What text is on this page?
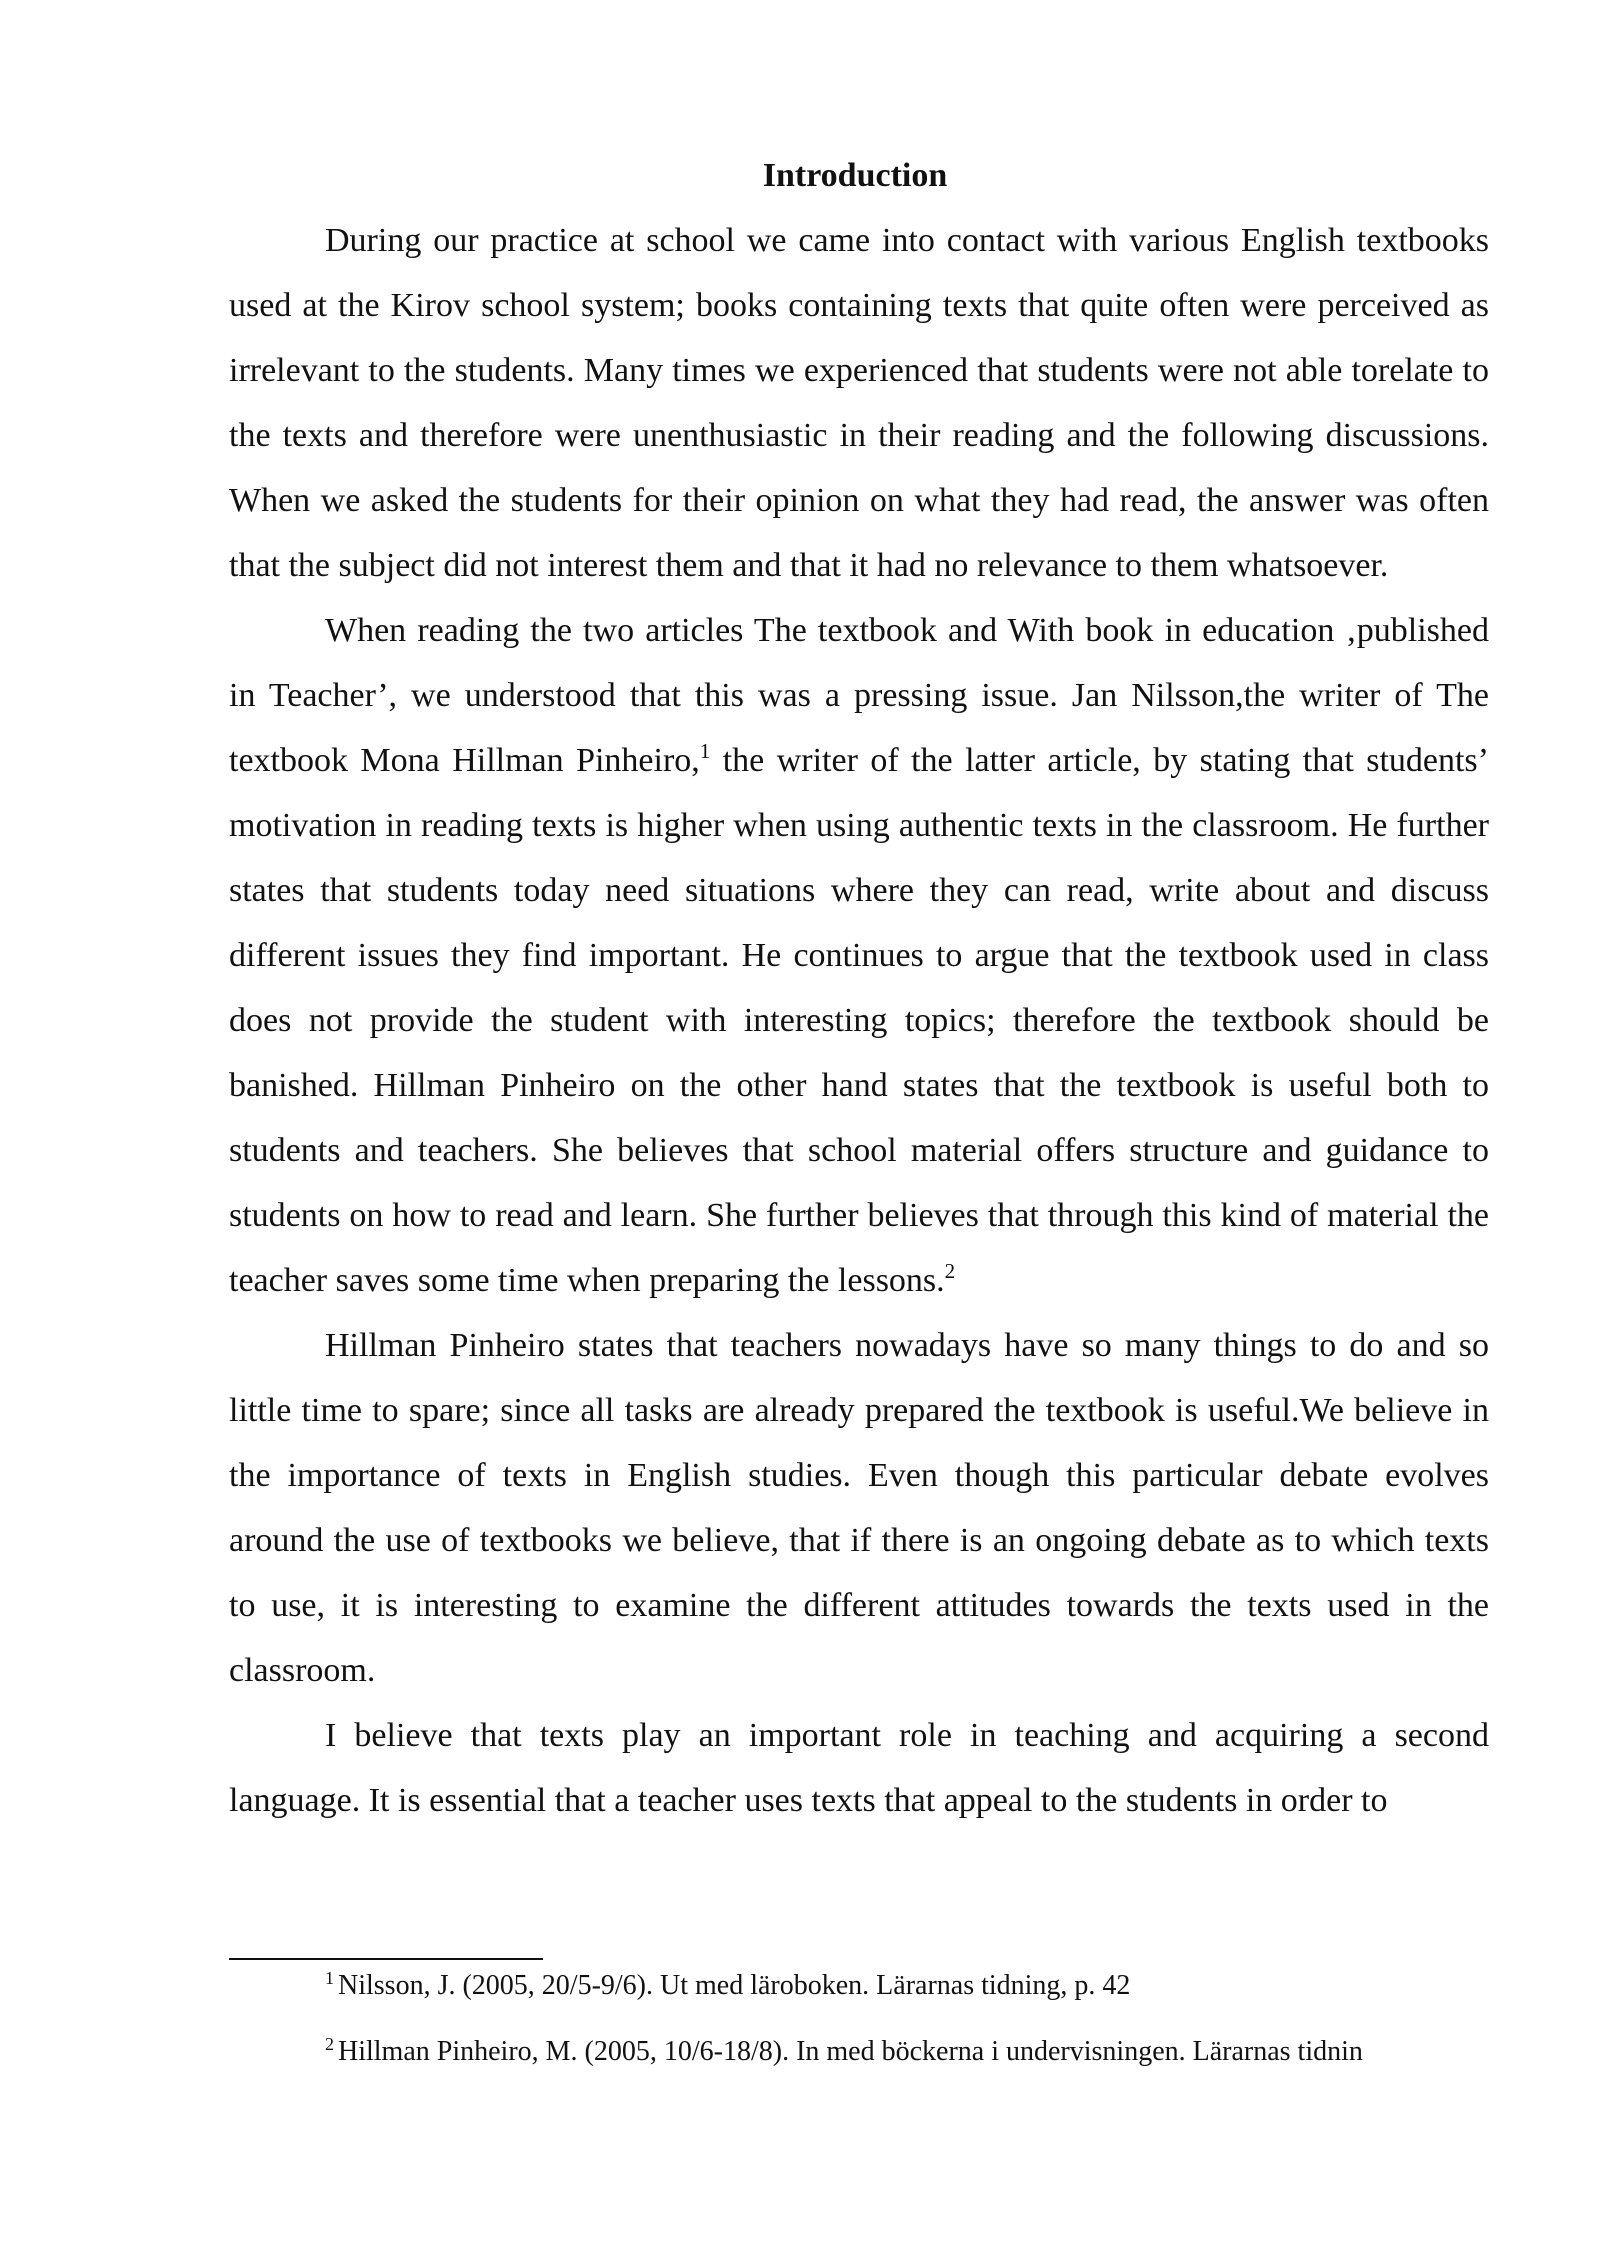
Introduction

During our practice at school we came into contact with various English textbooks used at the Kirov school system; books containing texts that quite often were perceived as irrelevant to the students. Many times we experienced that students were not able torelate to the texts and therefore were unenthusiastic in their reading and the following discussions. When we asked the students for their opinion on what they had read, the answer was often that the subject did not interest them and that it had no relevance to them whatsoever.

When reading the two articles The textbook and With book in education ‚published in Teacher’, we understood that this was a pressing issue. Jan Nilsson,the writer of The textbook Mona Hillman Pinheiro,$^1$ the writer of the latter article, by stating that students’ motivation in reading texts is higher when using authentic texts in the classroom. He further states that students today need situations where they can read, write about and discuss different issues they find important. He continues to argue that the textbook used in class does not provide the student with interesting topics; therefore the textbook should be banished. Hillman Pinheiro on the other hand states that the textbook is useful both to students and teachers. She believes that school material offers structure and guidance to students on how to read and learn. She further believes that through this kind of material the teacher saves some time when preparing the lessons.$^2$

Hillman Pinheiro states that teachers nowadays have so many things to do and so little time to spare; since all tasks are already prepared the textbook is useful.We believe in the importance of texts in English studies. Even though this particular debate evolves around the use of textbooks we believe, that if there is an ongoing debate as to which texts to use, it is interesting to examine the different attitudes towards the texts used in the classroom.

I believe that texts play an important role in teaching and acquiring a second language. It is essential that a teacher uses texts that appeal to the students in order to

$^1$ Nilsson, J. (2005, 20/5-9/6). Ut med läroboken. Lärarnas tidning, p. 42

$^2$ Hillman Pinheiro, M. (2005, 10/6-18/8). In med böckerna i undervisningen. Lärarnas tidnin
